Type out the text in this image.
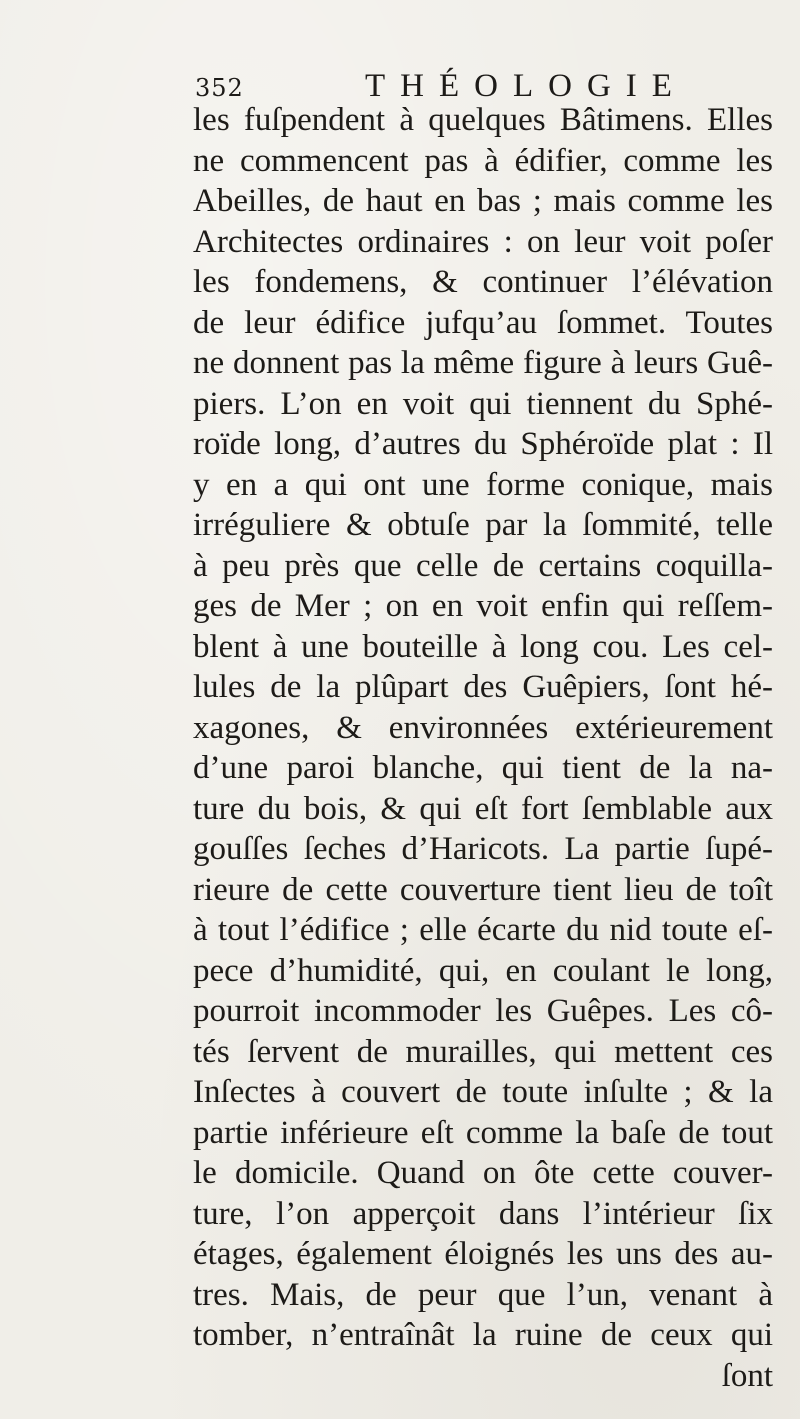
352	THÉOLOGIE
les fuſpendent à quelques Bâtimens. Elles
ne commencent pas à édifier, comme les
Abeilles, de haut en bas ; mais comme les
Architectes ordinaires : on leur voit poſer
les fondemens, & continuer l’élévation
de leur édifice jufqu’au ſommet. Toutes
ne donnent pas la même figure à leurs Guê-
piers. L’on en voit qui tiennent du Sphé-
roïde long, d’autres du Sphéroïde plat : Il
y en a qui ont une forme conique, mais
irréguliere & obtuſe par la ſommité, telle
à peu près que celle de certains coquilla-
ges de Mer ; on en voit enfin qui reſſem-
blent à une bouteille à long cou. Les cel-
lules de la plûpart des Guêpiers, ſont hé-
xagones, & environnées extérieurement
d’une paroi blanche, qui tient de la na-
ture du bois, & qui eſt fort ſemblable aux
gouſſes ſeches d’Haricots. La partie ſupé-
rieure de cette couverture tient lieu de toît
à tout l’édifice ; elle écarte du nid toute eſ-
pece d’humidité, qui, en coulant le long,
pourroit incommoder les Guêpes. Les cô-
tés ſervent de murailles, qui mettent ces
Inſectes à couvert de toute inſulte ; & la
partie inférieure eſt comme la baſe de tout
le domicile. Quand on ôte cette couver-
ture, l’on apperçoit dans l’intérieur ſix
étages, également éloignés les uns des au-
tres. Mais, de peur que l’un, venant à
tomber, n’entraînât la ruine de ceux qui
ſont
